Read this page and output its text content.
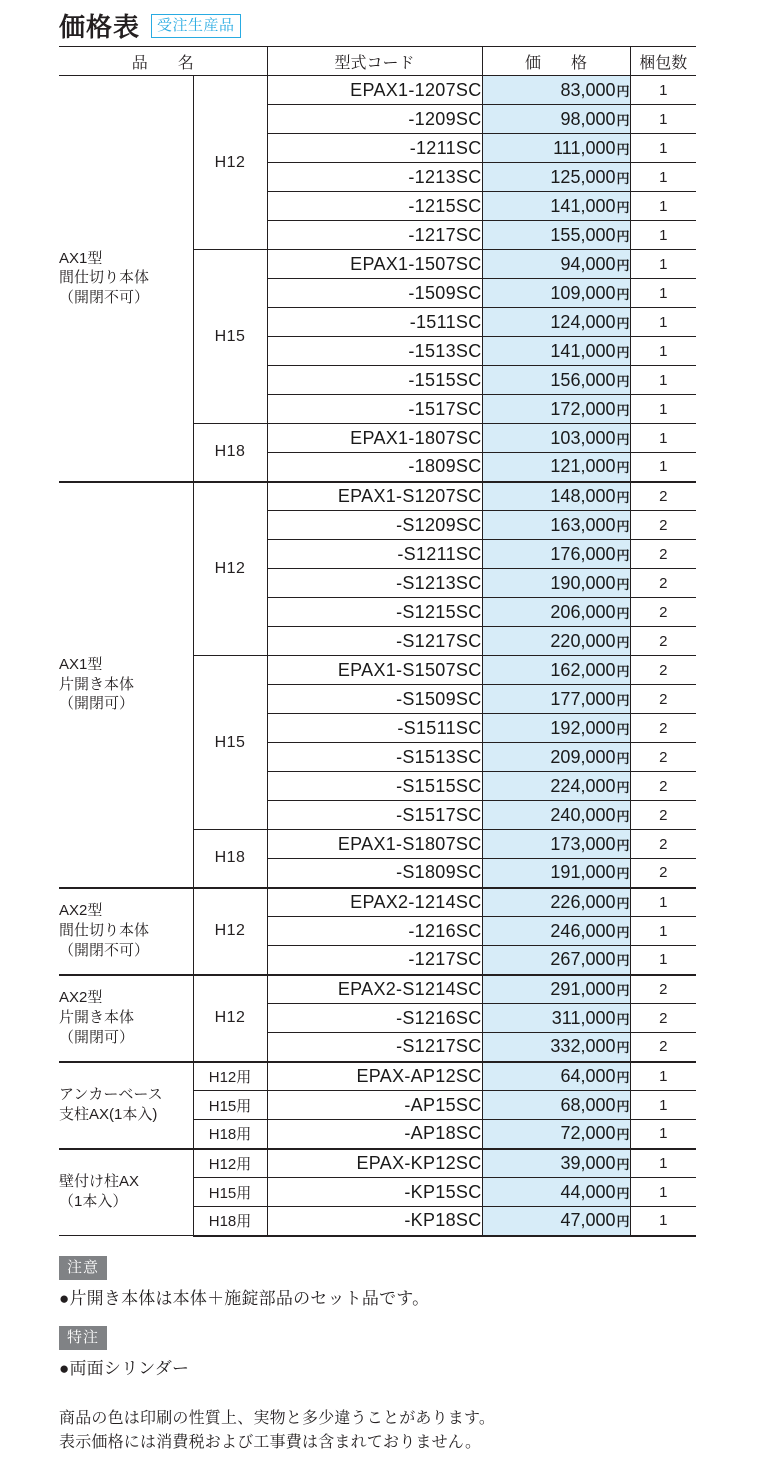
価格表	受注生産品
品　名		型式コード	価　格	梱包数

AX1型
間仕切り本体
（開閉不可）	H12	EPAX1-1207SC	83,000円	1
		-1209SC	98,000円	1
		-1211SC	111,000円	1
		-1213SC	125,000円	1
		-1215SC	141,000円	1
		-1217SC	155,000円	1
	H15	EPAX1-1507SC	94,000円	1
		-1509SC	109,000円	1
		-1511SC	124,000円	1
		-1513SC	141,000円	1
		-1515SC	156,000円	1
		-1517SC	172,000円	1
	H18	EPAX1-1807SC	103,000円	1
		-1809SC	121,000円	1

AX1型
片開き本体
（開閉可）	H12	EPAX1-S1207SC	148,000円	2
		-S1209SC	163,000円	2
		-S1211SC	176,000円	2
		-S1213SC	190,000円	2
		-S1215SC	206,000円	2
		-S1217SC	220,000円	2
	H15	EPAX1-S1507SC	162,000円	2
		-S1509SC	177,000円	2
		-S1511SC	192,000円	2
		-S1513SC	209,000円	2
		-S1515SC	224,000円	2
		-S1517SC	240,000円	2
	H18	EPAX1-S1807SC	173,000円	2
		-S1809SC	191,000円	2

AX2型
間仕切り本体
（開閉不可）	H12	EPAX2-1214SC	226,000円	1
		-1216SC	246,000円	1
		-1217SC	267,000円	1

AX2型
片開き本体
（開閉可）	H12	EPAX2-S1214SC	291,000円	2
		-S1216SC	311,000円	2
		-S1217SC	332,000円	2

アンカーベース
支柱AX(1本入)	H12用	EPAX-AP12SC	64,000円	1
	H15用	-AP15SC	68,000円	1
	H18用	-AP18SC	72,000円	1

壁付け柱AX
（1本入）	H12用	EPAX-KP12SC	39,000円	1
	H15用	-KP15SC	44,000円	1
	H18用	-KP18SC	47,000円	1
注意

●片開き本体は本体＋施錠部品のセット品です。

特注

●両面シリンダー

商品の色は印刷の性質上、実物と多少違うことがあります。
表示価格には消費税および工事費は含まれておりません。
